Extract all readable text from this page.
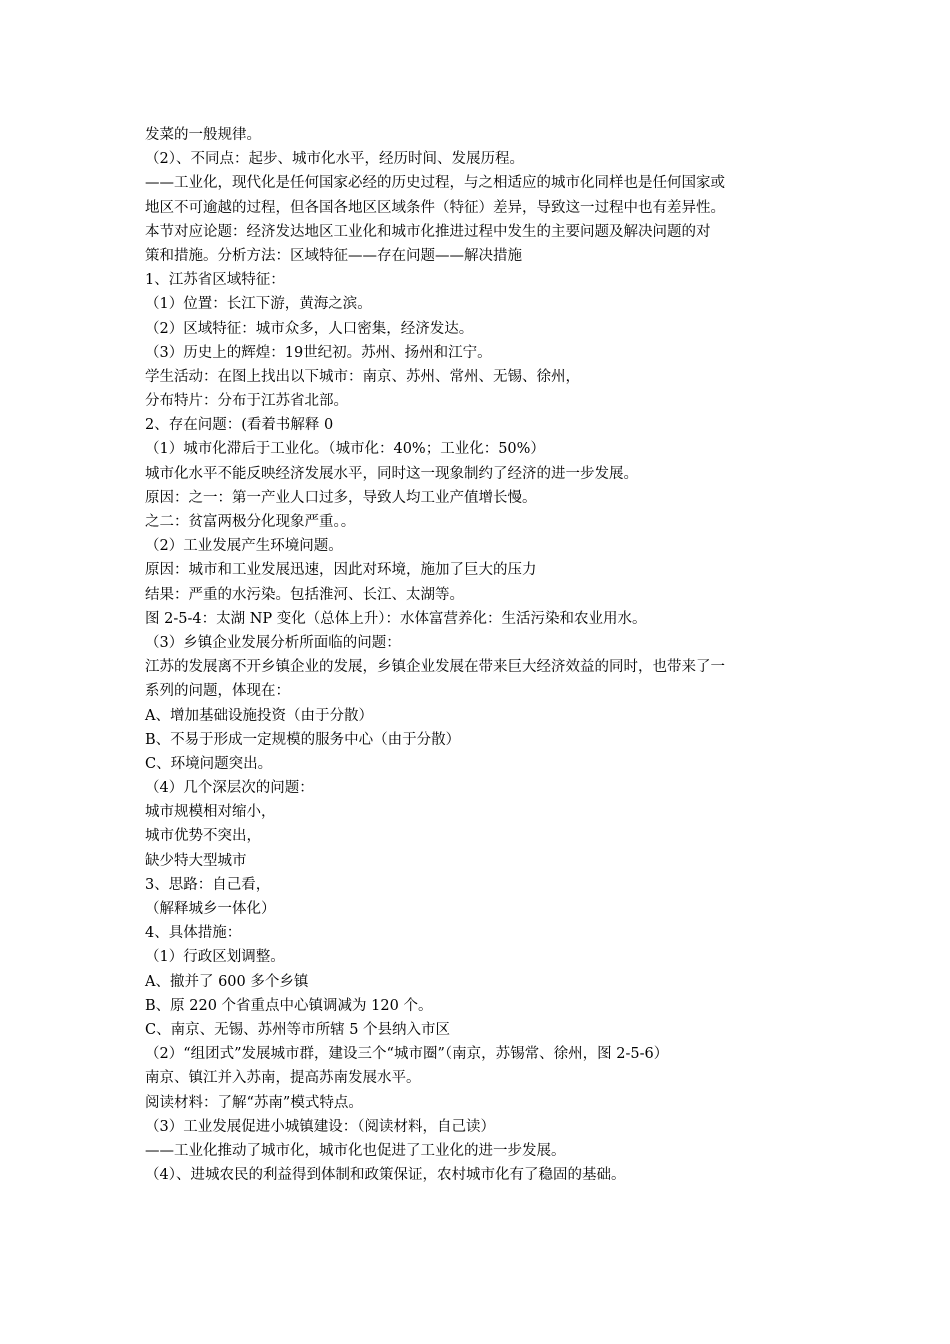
发菜的一般规律。
（2）、不同点：起步、城市化水平，经历时间、发展历程。
——工业化，现代化是任何国家必经的历史过程，与之相适应的城市化同样也是任何国家或
地区不可逾越的过程，但各国各地区区域条件（特征）差异，导致这一过程中也有差异性。
本节对应论题：经济发达地区工业化和城市化推进过程中发生的主要问题及解决问题的对
策和措施。分析方法：区域特征——存在问题——解决措施
1、江苏省区域特征：
（1）位置：长江下游，黄海之滨。
（2）区域特征：城市众多，人口密集，经济发达。
（3）历史上的辉煌：19世纪初。苏州、扬州和江宁。
学生活动：在图上找出以下城市：南京、苏州、常州、无锡、徐州，
分布特片：分布于江苏省北部。
2、存在问题：(看着书解释 0
（1）城市化滞后于工业化。（城市化：40%；工业化：50%）
城市化水平不能反映经济发展水平，同时这一现象制约了经济的进一步发展。
原因：之一：第一产业人口过多，导致人均工业产值增长慢。
之二：贫富两极分化现象严重。。
（2）工业发展产生环境问题。
原因：城市和工业发展迅速，因此对环境，施加了巨大的压力
结果：严重的水污染。包括淮河、长江、太湖等。
图 2-5-4：太湖 NP 变化（总体上升）：水体富营养化：生活污染和农业用水。
（3）乡镇企业发展分析所面临的问题：
江苏的发展离不开乡镇企业的发展，乡镇企业发展在带来巨大经济效益的同时，也带来了一
系列的问题，体现在：
A、增加基础设施投资（由于分散）
B、不易于形成一定规模的服务中心（由于分散）
C、环境问题突出。
（4）几个深层次的问题：
城市规模相对缩小，
城市优势不突出，
缺少特大型城市
3、思路：自己看，
（解释城乡一体化）
4、具体措施：
（1）行政区划调整。
A、撤并了 600 多个乡镇
B、原 220 个省重点中心镇调减为 120 个。
C、南京、无锡、苏州等市所辖 5 个县纳入市区
（2）“组团式”发展城市群，建设三个“城市圈”（南京，苏锡常、徐州，图 2-5-6）
南京、镇江并入苏南，提高苏南发展水平。
阅读材料：了解“苏南”模式特点。
（3）工业发展促进小城镇建设：（阅读材料，自己读）
——工业化推动了城市化，城市化也促进了工业化的进一步发展。
（4）、进城农民的利益得到体制和政策保证，农村城市化有了稳固的基础。
